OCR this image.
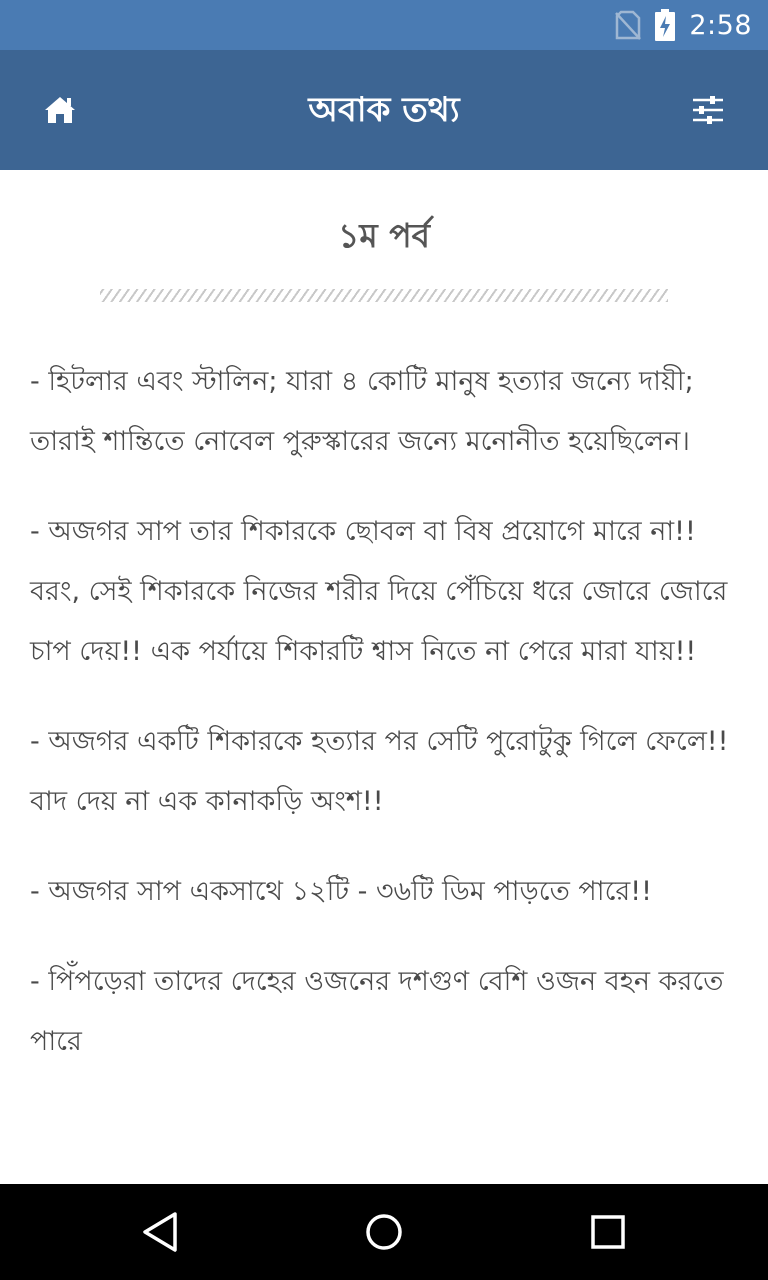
2:58
অবাক তথ্য
১ম পর্ব

- হিটলার এবং স্টালিন; যারা ৪ কোটি মানুষ হত্যার জন্যে দায়ী; তারাই শান্তিতে নোবেল পুরুস্কারের জন্যে মনোনীত হয়েছিলেন।

- অজগর সাপ তার শিকারকে ছোবল বা বিষ প্রয়োগে মারে না!! বরং, সেই শিকারকে নিজের শরীর দিয়ে পেঁচিয়ে ধরে জোরে জোরে চাপ দেয়!! এক পর্যায়ে শিকারটি শ্বাস নিতে না পেরে মারা যায়!!

- অজগর একটি শিকারকে হত্যার পর সেটি পুরোটুকু গিলে ফেলে!! বাদ দেয় না এক কানাকড়ি অংশ!!

- অজগর সাপ একসাথে ১২টি - ৩৬টি ডিম পাড়তে পারে!!

- পিঁপড়েরা তাদের দেহের ওজনের দশগুণ বেশি ওজন বহন করতে পারে
